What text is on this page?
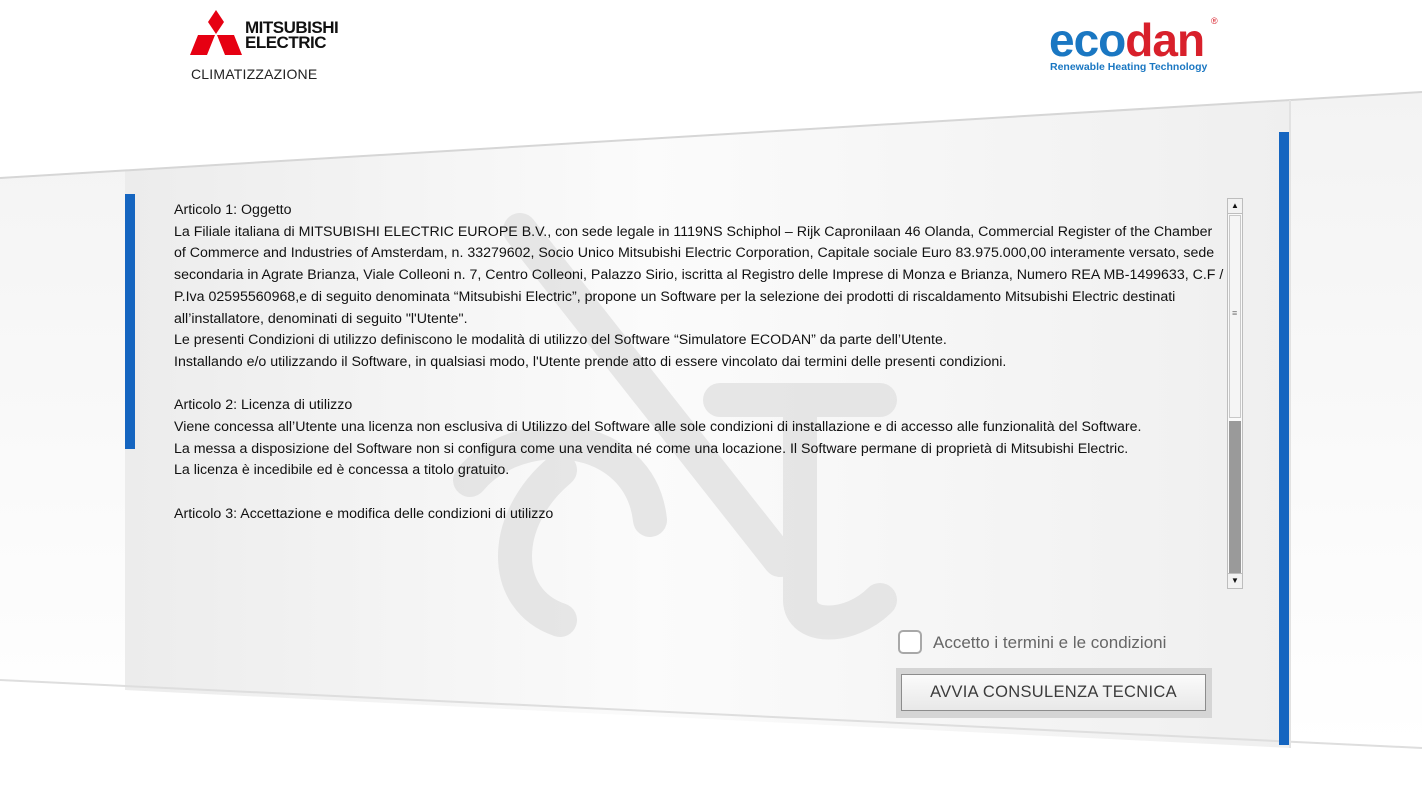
MITSUBISHI
ELECTRIC
CLIMATIZZAZIONE
ecodan ®
Renewable Heating Technology

Articolo 1: Oggetto
La Filiale italiana di MITSUBISHI ELECTRIC EUROPE B.V., con sede legale in 1119NS Schiphol – Rijk Capronilaan 46 Olanda, Commercial Register of the Chamber of Commerce and Industries of Amsterdam, n. 33279602, Socio Unico Mitsubishi Electric Corporation, Capitale sociale Euro 83.975.000,00 interamente versato, sede secondaria in Agrate Brianza, Viale Colleoni n. 7, Centro Colleoni, Palazzo Sirio, iscritta al Registro delle Imprese di Monza e Brianza, Numero REA MB-1499633, C.F / P.Iva 02595560968,e di seguito denominata “Mitsubishi Electric”, propone un Software per la selezione dei prodotti di riscaldamento Mitsubishi Electric destinati all’installatore, denominati di seguito "l'Utente".
Le presenti Condizioni di utilizzo definiscono le modalità di utilizzo del Software “Simulatore ECODAN” da parte dell’Utente.
Installando e/o utilizzando il Software, in qualsiasi modo, l'Utente prende atto di essere vincolato dai termini delle presenti condizioni.

Articolo 2: Licenza di utilizzo
Viene concessa all’Utente una licenza non esclusiva di Utilizzo del Software alle sole condizioni di installazione e di accesso alle funzionalità del Software.
La messa a disposizione del Software non si configura come una vendita né come una locazione. Il Software permane di proprietà di Mitsubishi Electric.
La licenza è incedibile ed è concessa a titolo gratuito.

Articolo 3: Accettazione e modifica delle condizioni di utilizzo

▲
≡
▼
Accetto i termini e le condizioni
AVVIA CONSULENZA TECNICA
